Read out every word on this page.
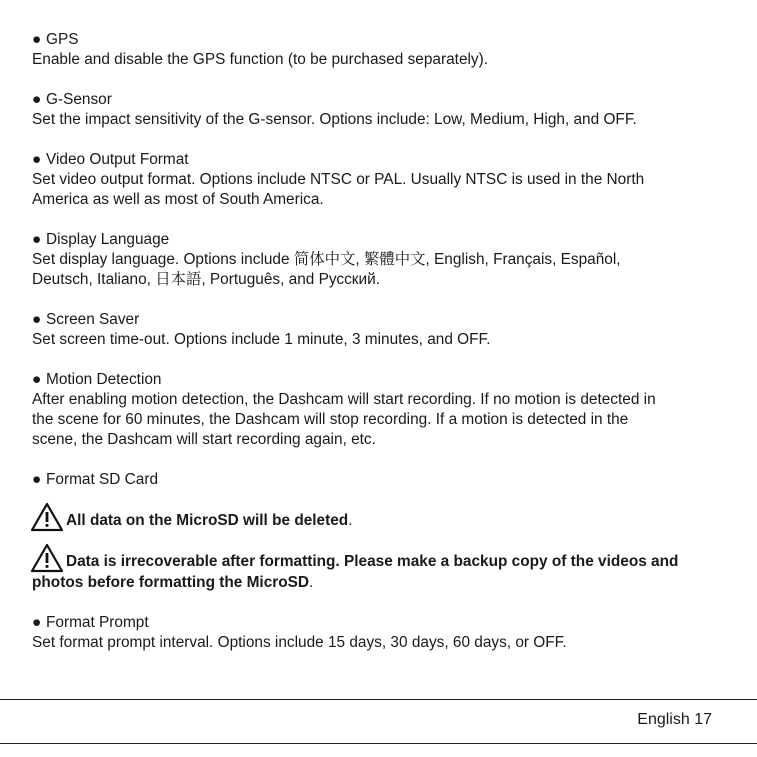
● GPS
Enable and disable the GPS function (to be purchased separately).
● G-Sensor
Set the impact sensitivity of the G-sensor. Options include: Low, Medium, High, and OFF.
● Video Output Format
Set video output format. Options include NTSC or PAL. Usually NTSC is used in the North
America as well as most of South America.
● Display Language
Set display language. Options include 简体中文, 繁體中文, English, Français, Español,
Deutsch, Italiano, 日本語, Português, and Русский.
● Screen Saver
Set screen time-out. Options include 1 minute, 3 minutes, and OFF.
● Motion Detection
After enabling motion detection, the Dashcam will start recording. If no motion is detected in
the scene for 60 minutes, the Dashcam will stop recording. If a motion is detected in the
scene, the Dashcam will start recording again, etc.
● Format SD Card
All data on the MicroSD will be deleted.
Data is irrecoverable after formatting. Please make a backup copy of the videos and photos before formatting the MicroSD.
● Format Prompt
Set format prompt interval. Options include 15 days, 30 days, 60 days, or OFF.
English 17
